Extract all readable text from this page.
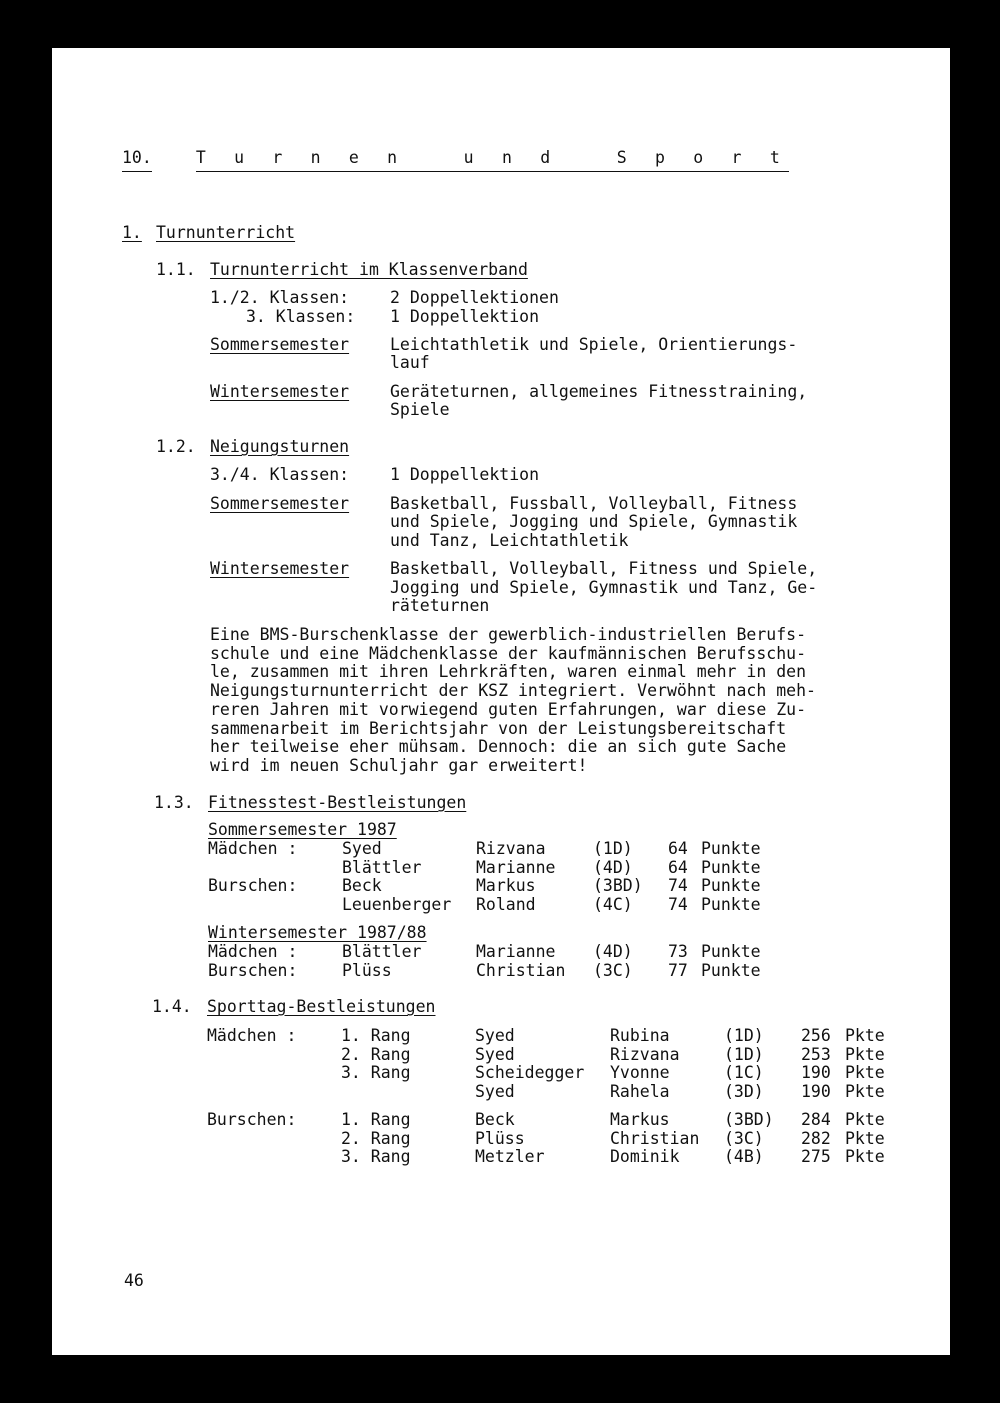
10.	T u r n e n   u n d   S p o r t
1. Turnunterricht
1.1. Turnunterricht im Klassenverband
1./2. Klassen: 2 Doppellektionen
3. Klassen: 1 Doppellektion
Sommersemester Leichtathletik und Spiele, Orientierungs-
lauf
Wintersemester Geräteturnen, allgemeines Fitnesstraining,
Spiele
1.2. Neigungsturnen
3./4. Klassen: 1 Doppellektion
Sommersemester Basketball, Fussball, Volleyball, Fitness
und Spiele, Jogging und Spiele, Gymnastik
und Tanz, Leichtathletik
Wintersemester Basketball, Volleyball, Fitness und Spiele,
Jogging und Spiele, Gymnastik und Tanz, Ge-
räteturnen
Eine BMS-Burschenklasse der gewerblich-industriellen Berufs-
schule und eine Mädchenklasse der kaufmännischen Berufsschu-
le, zusammen mit ihren Lehrkräften, waren einmal mehr in den
Neigungsturnunterricht der KSZ integriert. Verwöhnt nach meh-
reren Jahren mit vorwiegend guten Erfahrungen, war diese Zu-
sammenarbeit im Berichtsjahr von der Leistungsbereitschaft
her teilweise eher mühsam. Dennoch: die an sich gute Sache
wird im neuen Schuljahr gar erweitert!
1.3. Fitnesstest-Bestleistungen
Sommersemester 1987
Mädchen :	Syed	Rizvana	(1D) 64 Punkte
Blättler	Marianne (4D) 64 Punkte
Burschen:	Beck	Markus	(3BD) 74 Punkte
Leuenberger Roland	(4C) 74 Punkte
Wintersemester 1987/88
Mädchen :	Blättler	Marianne (4D) 73 Punkte
Burschen:	Plüss	Christian (3C) 77 Punkte
1.4. Sporttag-Bestleistungen
Mädchen :	1. Rang	Syed	Rubina	(1D) 256 Pkte
2. Rang	Syed	Rizvana	(1D) 253 Pkte
3. Rang	Scheidegger Yvonne	(1C) 190 Pkte
Syed	Rahela	(3D) 190 Pkte
Burschen:	1. Rang	Beck	Markus	(3BD) 284 Pkte
2. Rang	Plüss	Christian (3C) 282 Pkte
3. Rang	Metzler	Dominik	(4B) 275 Pkte
46
